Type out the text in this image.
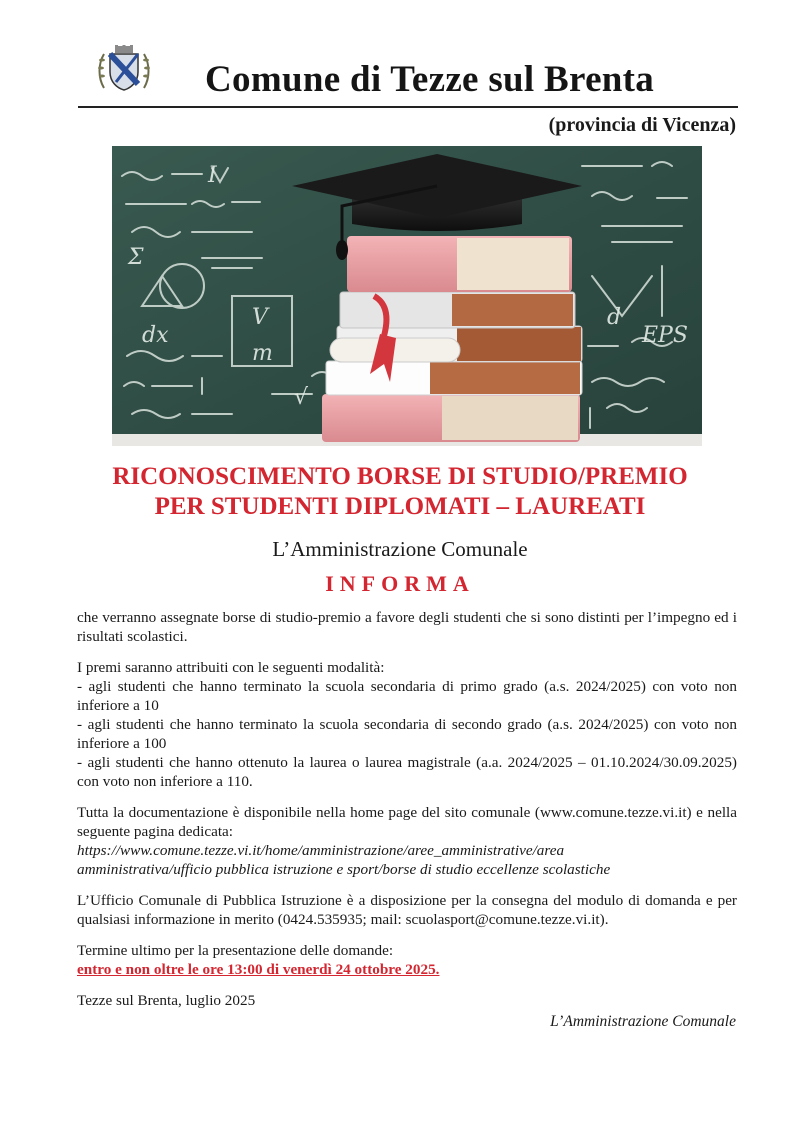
Comune di Tezze sul Brenta
(provincia di Vicenza)
I
Σ
dx
V
m
EPS
d
√
RICONOSCIMENTO BORSE DI STUDIO/PREMIO
PER STUDENTI DIPLOMATI – LAUREATI
L’Amministrazione Comunale
INFORMA

che verranno assegnate borse di studio-premio a favore degli studenti che si sono distinti per l’impegno ed i risultati scolastici.

I premi saranno attribuiti con le seguenti modalità:

- agli studenti che hanno terminato la scuola secondaria di primo grado (a.s. 2024/2025) con voto non inferiore a 10

- agli studenti che hanno terminato la scuola secondaria di secondo grado (a.s. 2024/2025) con voto non inferiore a 100

- agli studenti che hanno ottenuto la laurea o laurea magistrale (a.a. 2024/2025 – 01.10.2024/30.09.2025) con voto non inferiore a 110.

Tutta la documentazione è disponibile nella home page del sito comunale (www.comune.tezze.vi.it) e nella seguente pagina dedicata:

https://www.comune.tezze.vi.it/home/amministrazione/aree_amministrative/area
amministrativa/ufficio pubblica istruzione e sport/borse di studio eccellenze scolastiche

L’Ufficio Comunale di Pubblica Istruzione è a disposizione per la consegna del modulo di domanda e per qualsiasi informazione in merito (0424.535935; mail: scuolasport@comune.tezze.vi.it).

Termine ultimo per la presentazione delle domande:

entro e non oltre le ore 13:00 di venerdì 24 ottobre 2025.

Tezze sul Brenta, luglio 2025

L’Amministrazione Comunale
